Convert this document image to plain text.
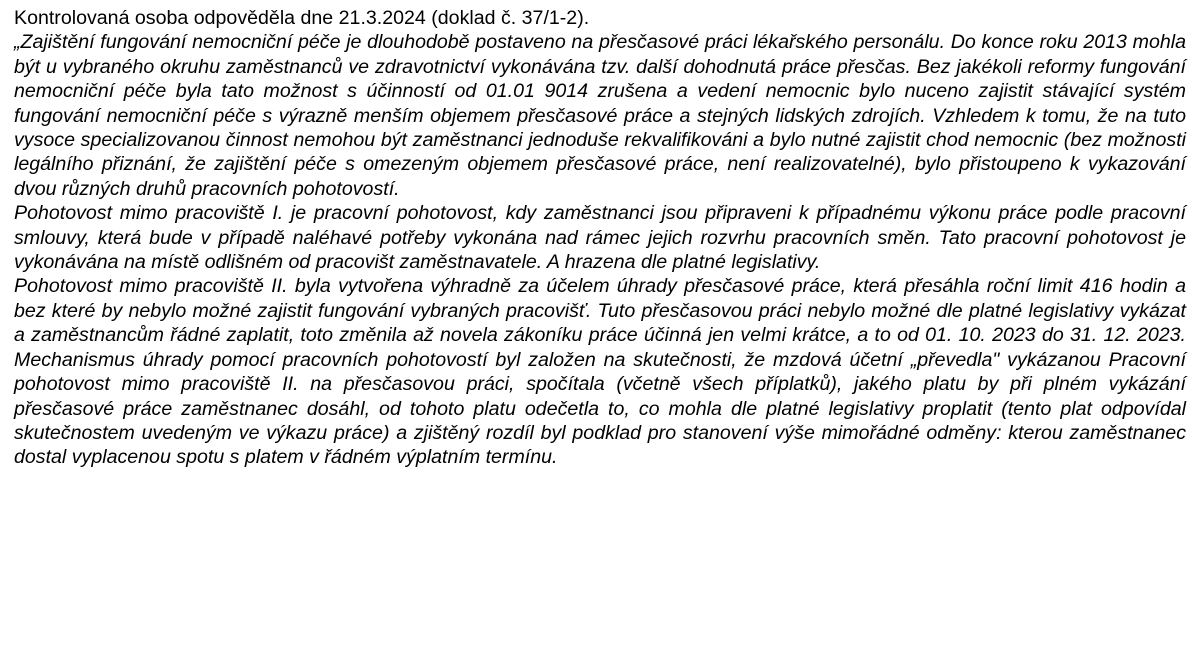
Kontrolovaná osoba odpověděla dne 21.3.2024 (doklad č. 37/1-2).

„Zajištění fungování nemocniční péče je dlouhodobě postaveno na přesčasové práci lékařského personálu. Do konce roku 2013 mohla být u vybraného okruhu zaměstnanců ve zdravotnictví vykonávána tzv. další dohodnutá práce přesčas. Bez jakékoli reformy fungování nemocniční péče byla tato možnost s účinností od 01.01 9014 zrušena a vedení nemocnic bylo nuceno zajistit stávající systém fungování nemocniční péče s výrazně menším objemem přesčasové práce a stejných lidských zdrojích. Vzhledem k tomu, že na tuto vysoce specializovanou činnost nemohou být zaměstnanci jednoduše rekvalifikováni a bylo nutné zajistit chod nemocnic (bez možnosti legálního přiznání, že zajištění péče s omezeným objemem přesčasové práce, není realizovatelné), bylo přistoupeno k vykazování dvou různých druhů pracovních pohotovostí.

Pohotovost mimo pracoviště I. je pracovní pohotovost, kdy zaměstnanci jsou připraveni k případnému výkonu práce podle pracovní smlouvy, která bude v případě naléhavé potřeby vykonána nad rámec jejich rozvrhu pracovních směn. Tato pracovní pohotovost je vykonávána na místě odlišném od pracovišt zaměstnavatele. A hrazena dle platné legislativy.

Pohotovost mimo pracoviště II. byla vytvořena výhradně za účelem úhrady přesčasové práce, která přesáhla roční limit 416 hodin a bez které by nebylo možné zajistit fungování vybraných pracovišť. Tuto přesčasovou práci nebylo možné dle platné legislativy vykázat a zaměstnancům řádné zaplatit, toto změnila až novela zákoníku práce účinná jen velmi krátce, a to od 01. 10. 2023 do 31. 12. 2023. Mechanismus úhrady pomocí pracovních pohotovostí byl založen na skutečnosti, že mzdová účetní „převedla" vykázanou Pracovní pohotovost mimo pracoviště II. na přesčasovou práci, spočítala (včetně všech příplatků), jakého platu by při plném vykázání přesčasové práce zaměstnanec dosáhl, od tohoto platu odečetla to, co mohla dle platné legislativy proplatit (tento plat odpovídal skutečnostem uvedeným ve výkazu práce) a zjištěný rozdíl byl podklad pro stanovení výše mimořádné odměny: kterou zaměstnanec dostal vyplacenou spotu s platem v řádném výplatním termínu.
